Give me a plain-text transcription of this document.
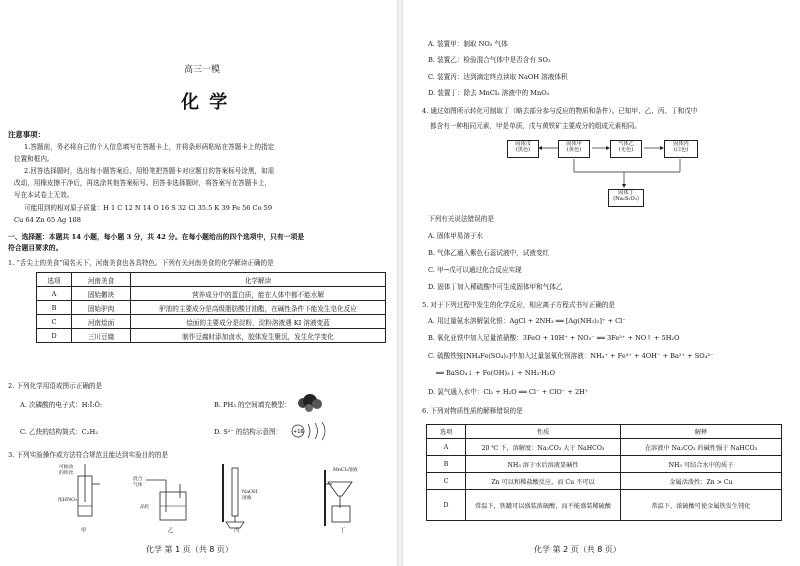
高三一模
化 学
注意事项：
1.答题前，务必将自己的个人信息填写在答题卡上，并将条形码粘贴在答题卡上的指定
位置和框内。
2.回答选择题时，选出每小题答案后，用铅笔把答题卡对应题目的答案标号涂黑，如需
改动，用橡皮擦干净后，再选涂其他答案标号。回答非选择题时，将答案写在答题卡上，
写在本试卷上无效。
可能用到的相对原子质量：H 1 C 12 N 14 O 16 S 32 Cl 35.5 K 39 Fe 56 Co 59
Cu 64 Zn 65 Ag 108
一、选择题：本题共 14 小题，每小题 3 分，共 42 分。在每小题给出的四个选项中，只有一项是
符合题目要求的。
1. “舌尖上的美食”闻名天下，河南美食也各具特色。下列有关河南美食的化学解读正确的是
选项	河南美食	化学解读
A	固始鹅块	营养成分中的蛋白质，能在人体中都不能水解
B	固始驴肉	驴油的主要成分是高级脂肪酸甘油酯，在碱性条件下能发生皂化反应
C	河南烩面	烩面的主要成分是淀粉，淀粉溶液遇 KI 溶液变蓝
D	三川豆腐	制作豆腐时添加卤水，胶体发生聚沉，发生化学变化
2. 下列化学用语或图示正确的是
A. 次磷酸的电子式：H:Ï:Ö:	B. PH₃ 的空间填充模型：
C. 乙炔的结构简式：C₂H₂	D. S²⁻ 的结构示意图： +16
3. 下列实验操作或方法符合规范且能达到实验目的的是
可抽动
的铁丝
浓HNO₃
混合
气体
品红
NaOH
溶液
MnCl₂溶液
甲	乙	丙	丁
化学 第 1 页（共 8 页）
A. 装置甲：制取 NO₂ 气体
B. 装置乙：检验混合气体中是否含有 SO₂
C. 装置丙：达到滴定终点读取 NaOH 溶液体积
D. 装置丁：除去 MnCl₂ 溶液中的 MnO₂
4. 通过如图所示转化可制取丁（略去部分参与反应的物质和条件）。已知甲、乙、丙、丁和戊中
都含有一种相同元素，甲是单质，戊与黄铁矿主要成分的组成元素相同。
固体戊
(黑色)
固体甲
(黄色)
气体乙
(无色)
固体丙
(白色)
固体丁
(Na₂S₂O₃)
下列有关说法错误的是
A. 固体甲易溶于水
B. 气体乙通入紫色石蕊试液中，试液变红
C. 甲→戊可以通过化合反应实现
D. 固体丁加入稀硫酸中可生成固体甲和气体乙
5. 对于下列过程中发生的化学反应，相应离子方程式书写正确的是
A. 用过量氨水溶解氯化银：AgCl + 2NH₃ ══ [Ag(NH₃)₂]⁺ + Cl⁻
B. 氧化亚铁中加入足量浓硝酸：3FeO + 10H⁺ + NO₃⁻ ══ 3Fe³⁺ + NO↑ + 5H₂O
C. 硫酸铁铵[NH₄Fe(SO₄)₂]中加入过量氢氧化钡溶液：NH₄⁺ + Fe³⁺ + 4OH⁻ + Ba²⁺ + SO₄²⁻
══ BaSO₄↓ + Fe(OH)₃↓ + NH₃·H₂O
D. 氯气通入水中：Cl₂ + H₂O ══ Cl⁻ + ClO⁻ + 2H⁺
6. 下列对物质性质的解释错误的是
选项	性质	解释
A	20 ℃ 下，溶解度：Na₂CO₃ 大于 NaHCO₃	在溶液中 Na₂CO₃ 的碱性强于 NaHCO₃
B	NH₃ 溶于水后溶液显碱性	NH₃ 可结合水中的质子
C	Zn 可以和稀盐酸反应，而 Cu 不可以	金属活泼性：Zn > Cu
D	常温下，铁罐可以盛装浓硫酸，而不能盛装稀硫酸	常温下，浓硫酸可使金属铁发生钝化
化学 第 2 页（共 8 页）
